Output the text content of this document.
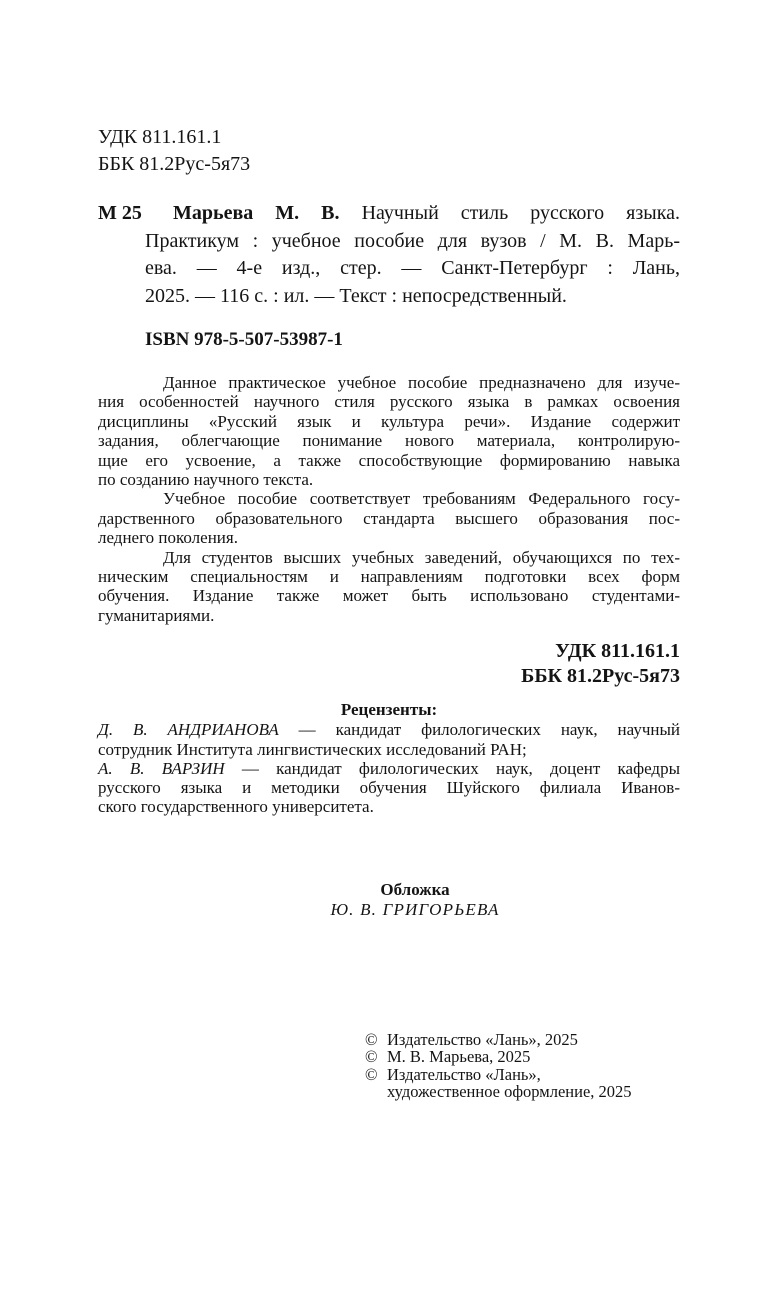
УДК 811.161.1
ББК 81.2Рус-5я73
М 25	Марьева М. В. Научный стиль русского языка.
Практикум : учебное пособие для вузов / М. В. Марь-
ева. — 4-е изд., стер. — Санкт-Петербург : Лань,
2025. — 116 с. : ил. — Текст : непосредственный.
ISBN 978-5-507-53987-1
Данное практическое учебное пособие предназначено для изуче-
ния особенностей научного стиля русского языка в рамках освоения
дисциплины «Русский язык и культура речи». Издание содержит
задания, облегчающие понимание нового материала, контролирую-
щие его усвоение, а также способствующие формированию навыка
по созданию научного текста.
Учебное пособие соответствует требованиям Федерального госу-
дарственного образовательного стандарта высшего образования пос-
леднего поколения.
Для студентов высших учебных заведений, обучающихся по тех-
ническим специальностям и направлениям подготовки всех форм
обучения. Издание также может быть использовано студентами-
гуманитариями.
УДК 811.161.1
ББК 81.2Рус-5я73
Рецензенты:
Д. В. АНДРИАНОВА — кандидат филологических наук, научный
сотрудник Института лингвистических исследований РАН;
А. В. ВАРЗИН — кандидат филологических наук, доцент кафедры
русского языка и методики обучения Шуйского филиала Иванов-
ского государственного университета.
Обложка
Ю. В. ГРИГОРЬЕВА
© Издательство «Лань», 2025
© М. В. Марьева, 2025
© Издательство «Лань»,
художественное оформление, 2025
